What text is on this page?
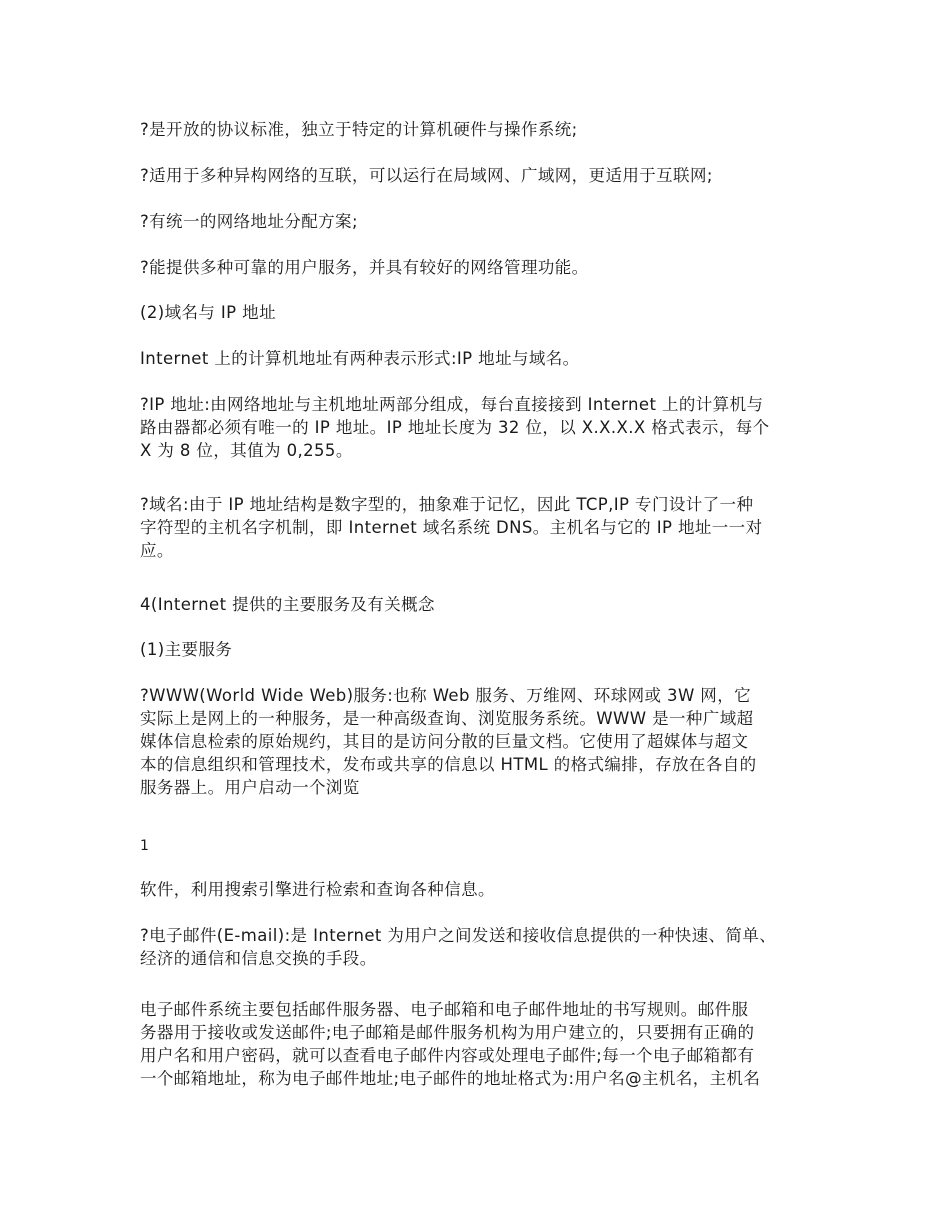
?是开放的协议标准，独立于特定的计算机硬件与操作系统;

?适用于多种异构网络的互联，可以运行在局域网、广域网，更适用于互联网;

?有统一的网络地址分配方案;

?能提供多种可靠的用户服务，并具有较好的网络管理功能。

(2)域名与 IP 地址

Internet 上的计算机地址有两种表示形式:IP 地址与域名。

?IP 地址:由网络地址与主机地址两部分组成，每台直接接到 Internet 上的计算机与
路由器都必须有唯一的 IP 地址。IP 地址长度为 32 位，以 X.X.X.X 格式表示，每个
X 为 8 位，其值为 0,255。

?域名:由于 IP 地址结构是数字型的，抽象难于记忆，因此 TCP,IP 专门设计了一种
字符型的主机名字机制，即 Internet 域名系统 DNS。主机名与它的 IP 地址一一对
应。

4(Internet 提供的主要服务及有关概念

(1)主要服务

?WWW(World Wide Web)服务:也称 Web 服务、万维网、环球网或 3W 网，它
实际上是网上的一种服务，是一种高级查询、浏览服务系统。WWW 是一种广域超
媒体信息检索的原始规约，其目的是访问分散的巨量文档。它使用了超媒体与超文
本的信息组织和管理技术，发布或共享的信息以 HTML 的格式编排，存放在各自的
服务器上。用户启动一个浏览

1

软件，利用搜索引擎进行检索和查询各种信息。

?电子邮件(E-mail):是 Internet 为用户之间发送和接收信息提供的一种快速、简单、
经济的通信和信息交换的手段。

电子邮件系统主要包括邮件服务器、电子邮箱和电子邮件地址的书写规则。邮件服
务器用于接收或发送邮件;电子邮箱是邮件服务机构为用户建立的，只要拥有正确的
用户名和用户密码，就可以查看电子邮件内容或处理电子邮件;每一个电子邮箱都有
一个邮箱地址，称为电子邮件地址;电子邮件的地址格式为:用户名@主机名，主机名
